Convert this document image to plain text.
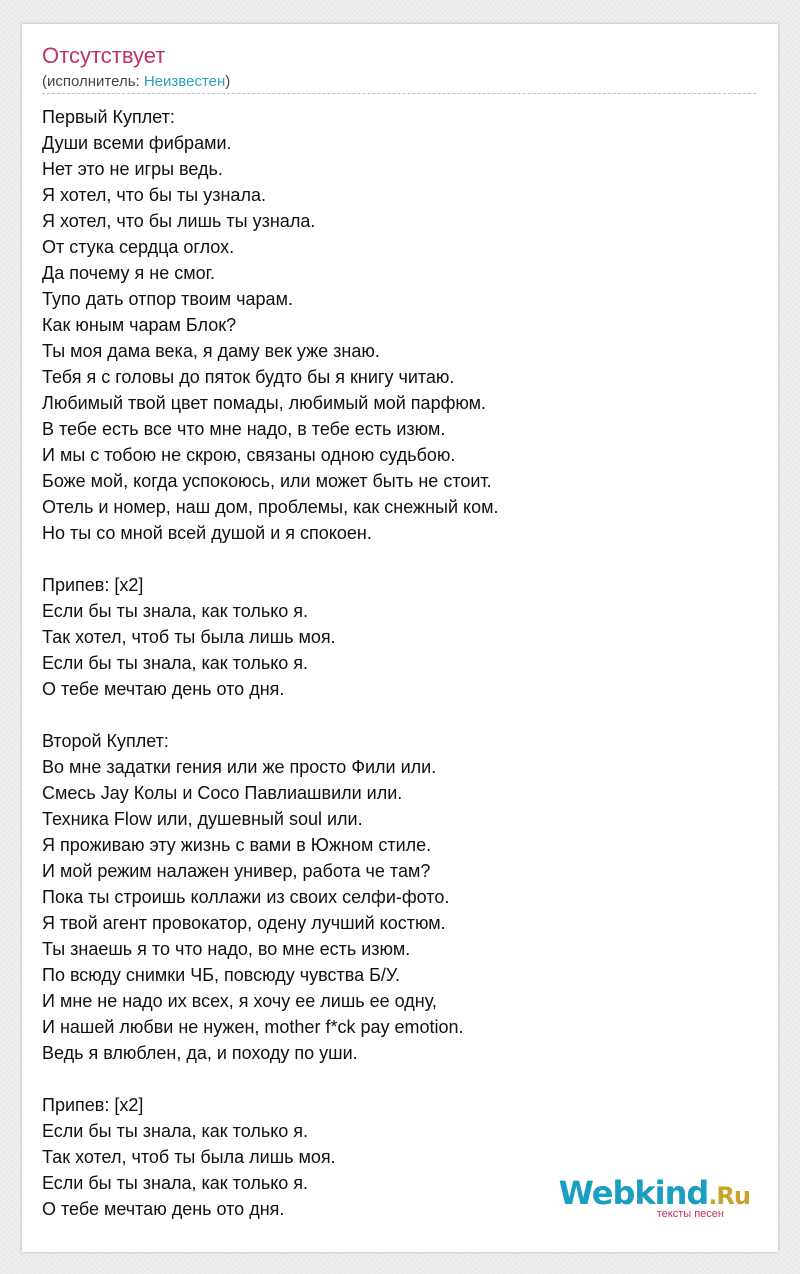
Отсутствует
(исполнитель: Неизвестен)
Первый Куплет:
Души всеми фибрами.
Нет это не игры ведь.
Я хотел, что бы ты узнала.
Я хотел, что бы лишь ты узнала.
От стука сердца оглох.
Да почему я не смог.
Тупо дать отпор твоим чарам.
Как юным чарам Блок?
Ты моя дама века, я даму век уже знаю.
Тебя я с головы до пяток будто бы я книгу читаю.
Любимый твой цвет помады, любимый мой парфюм.
В тебе есть все что мне надо, в тебе есть изюм.
И мы с тобою не скрою, связаны одною судьбою.
Боже мой, когда успокоюсь, или может быть не стоит.
Отель и номер, наш дом, проблемы, как снежный ком.
Но ты со мной всей душой и я спокоен.
Припев: [x2]
Если бы ты знала, как только я.
Так хотел, чтоб ты была лишь моя.
Если бы ты знала, как только я.
О тебе мечтаю день ото дня.
Второй Куплет:
Во мне задатки гения или же просто Фили или.
Смесь Jay Колы и Coco Павлиашвили или.
Техника Flow или, душевный soul или.
Я проживаю эту жизнь с вами в Южном стиле.
И мой режим налажен универ, работа че там?
Пока ты строишь коллажи из своих селфи-фото.
Я твой агент провокатор, одену лучший костюм.
Ты знаешь я то что надо, во мне есть изюм.
По всюду снимки ЧБ, повсюду чувства Б/У.
И мне не надо их всех, я хочу ее лишь ее одну,
И нашей любви не нужен, mother f*ck pay emotion.
Ведь я влюблен, да, и походу по уши.
Припев: [x2]
Если бы ты знала, как только я.
Так хотел, чтоб ты была лишь моя.
Если бы ты знала, как только я.
О тебе мечтаю день ото дня.	Webkind.Ru
тексты песен
